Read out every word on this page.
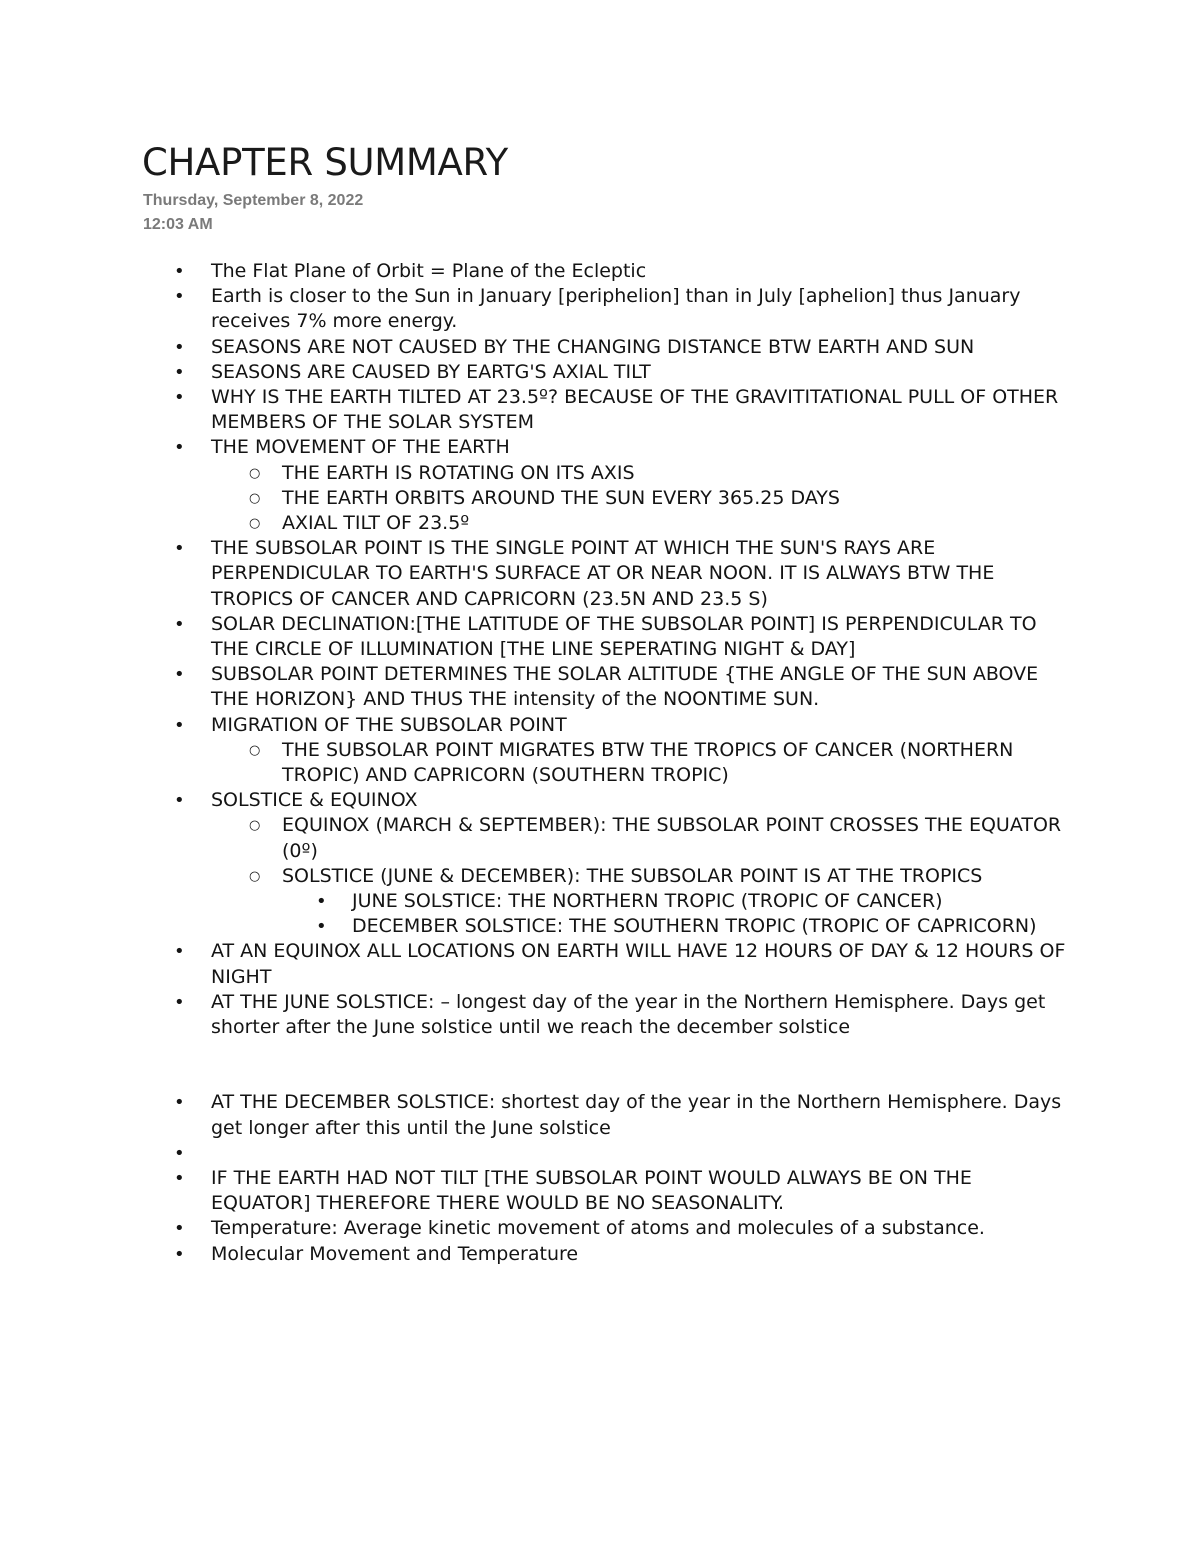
CHAPTER SUMMARY
Thursday, September 8, 2022
12:03 AM
• The Flat Plane of Orbit = Plane of the Ecleptic
• Earth is closer to the Sun in January [periphelion] than in July [aphelion] thus January receives 7% more energy.
• SEASONS ARE NOT CAUSED BY THE CHANGING DISTANCE BTW EARTH AND SUN
• SEASONS ARE CAUSED BY EARTG'S AXIAL TILT
• WHY IS THE EARTH TILTED AT 23.5º? BECAUSE OF THE GRAVITITATIONAL PULL OF OTHER MEMBERS OF THE SOLAR SYSTEM
• THE MOVEMENT OF THE EARTH
○ THE EARTH IS ROTATING ON ITS AXIS
○ THE EARTH ORBITS AROUND THE SUN EVERY 365.25 DAYS
○ AXIAL TILT OF 23.5º
• THE SUBSOLAR POINT IS THE SINGLE POINT AT WHICH THE SUN'S RAYS ARE PERPENDICULAR TO EARTH'S SURFACE AT OR NEAR NOON. IT IS ALWAYS BTW THE TROPICS OF CANCER AND CAPRICORN (23.5N AND 23.5 S)
• SOLAR DECLINATION:[THE LATITUDE OF THE SUBSOLAR POINT] IS PERPENDICULAR TO THE CIRCLE OF ILLUMINATION [THE LINE SEPERATING NIGHT & DAY]
• SUBSOLAR POINT DETERMINES THE SOLAR ALTITUDE {THE ANGLE OF THE SUN ABOVE THE HORIZON} AND THUS THE intensity of the NOONTIME SUN.
• MIGRATION OF THE SUBSOLAR POINT
○ THE SUBSOLAR POINT MIGRATES BTW THE TROPICS OF CANCER (NORTHERN TROPIC) AND CAPRICORN (SOUTHERN TROPIC)
• SOLSTICE & EQUINOX
○ EQUINOX (MARCH & SEPTEMBER): THE SUBSOLAR POINT CROSSES THE EQUATOR (0º)
○ SOLSTICE (JUNE & DECEMBER): THE SUBSOLAR POINT IS AT THE TROPICS
• JUNE SOLSTICE: THE NORTHERN TROPIC (TROPIC OF CANCER)
• DECEMBER SOLSTICE: THE SOUTHERN TROPIC (TROPIC OF CAPRICORN)
• AT AN EQUINOX ALL LOCATIONS ON EARTH WILL HAVE 12 HOURS OF DAY & 12 HOURS OF NIGHT
• AT THE JUNE SOLSTICE: – longest day of the year in the Northern Hemisphere. Days get shorter after the June solstice until we reach the december solstice
• AT THE DECEMBER SOLSTICE: shortest day of the year in the Northern Hemisphere. Days get longer after this until the June solstice
•
• IF THE EARTH HAD NOT TILT [THE SUBSOLAR POINT WOULD ALWAYS BE ON THE EQUATOR] THEREFORE THERE WOULD BE NO SEASONALITY.
• Temperature: Average kinetic movement of atoms and molecules of a substance.
• Molecular Movement and Temperature
